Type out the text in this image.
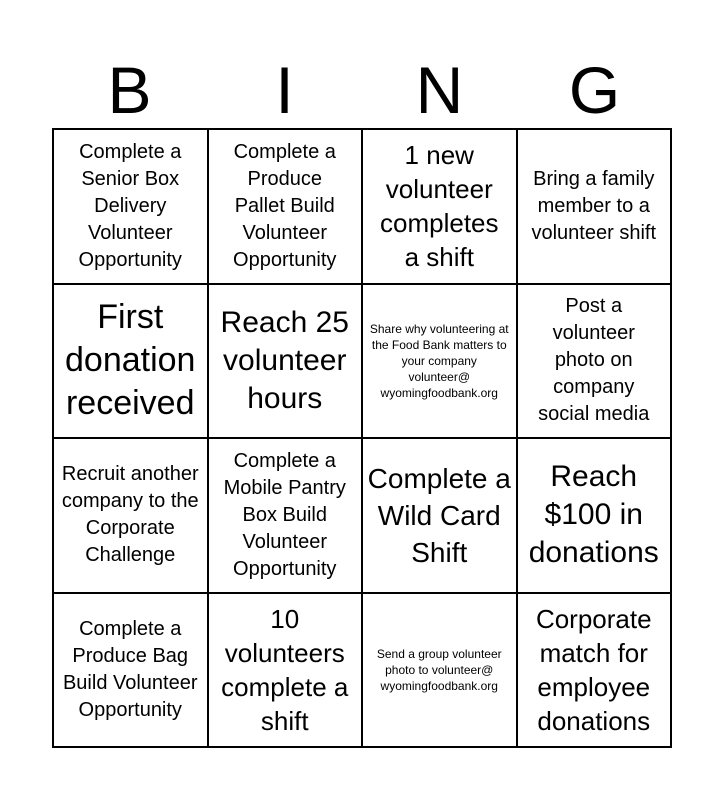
B	I	N	G
Complete a Senior Box Delivery Volunteer Opportunity
Complete a Produce Pallet Build Volunteer Opportunity
1 new volunteer completes a shift
Bring a family member to a volunteer shift
First donation received
Reach 25 volunteer hours
Share why volunteering at the Food Bank matters to your company volunteer@ wyomingfoodbank.org
Post a volunteer photo on company social media
Recruit another company to the Corporate Challenge
Complete a Mobile Pantry Box Build Volunteer Opportunity
Complete a Wild Card Shift
Reach $100 in donations
Complete a Produce Bag Build Volunteer Opportunity
10 volunteers complete a shift
Send a group volunteer photo to volunteer@ wyomingfoodbank.org
Corporate match for employee donations
